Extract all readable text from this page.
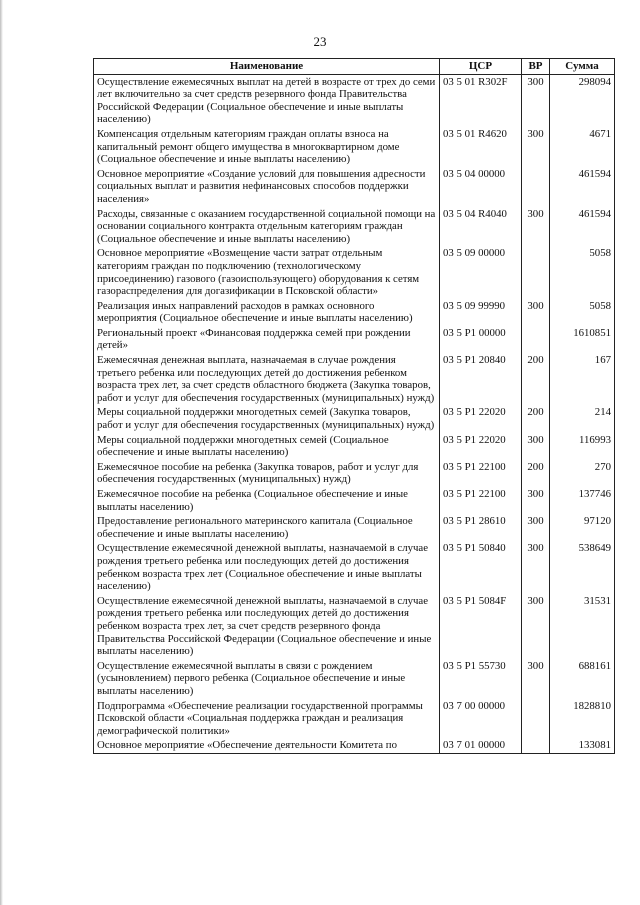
23
Наименование	ЦСР	ВР	Сумма
Осуществление ежемесячных выплат на детей в возрасте от трех до семи лет включительно за счет средств резервного фонда Правительства Российской Федерации (Социальное обеспечение и иные выплаты населению)	03 5 01 R302F	300	298094
Компенсация отдельным категориям граждан оплаты взноса на капитальный ремонт общего имущества в многоквартирном доме (Социальное обеспечение и иные выплаты населению)	03 5 01 R4620	300	4671
Основное мероприятие «Создание условий для повышения адресности социальных выплат и развития нефинансовых способов поддержки населения»	03 5 04 00000		461594
Расходы, связанные с оказанием государственной социальной помощи на основании социального контракта отдельным категориям граждан (Социальное обеспечение и иные выплаты населению)	03 5 04 R4040	300	461594
Основное мероприятие «Возмещение части затрат отдельным категориям граждан по подключению (технологическому присоединению) газового (газоиспользующего) оборудования к сетям газораспределения для догазификации в Псковской области»	03 5 09 00000		5058
Реализация иных направлений расходов в рамках основного мероприятия (Социальное обеспечение и иные выплаты населению)	03 5 09 99990	300	5058
Региональный проект «Финансовая поддержка семей при рождении детей»	03 5 P1 00000		1610851
Ежемесячная денежная выплата, назначаемая в случае рождения третьего ребенка или последующих детей до достижения ребенком возраста трех лет, за счет средств областного бюджета (Закупка товаров, работ и услуг для обеспечения государственных (муниципальных) нужд)	03 5 P1 20840	200	167
Меры социальной поддержки многодетных семей (Закупка товаров, работ и услуг для обеспечения государственных (муниципальных) нужд)	03 5 P1 22020	200	214
Меры социальной поддержки многодетных семей (Социальное обеспечение и иные выплаты населению)	03 5 P1 22020	300	116993
Ежемесячное пособие на ребенка (Закупка товаров, работ и услуг для обеспечения государственных (муниципальных) нужд)	03 5 P1 22100	200	270
Ежемесячное пособие на ребенка (Социальное обеспечение и иные выплаты населению)	03 5 P1 22100	300	137746
Предоставление регионального материнского капитала (Социальное обеспечение и иные выплаты населению)	03 5 P1 28610	300	97120
Осуществление ежемесячной денежной выплаты, назначаемой в случае рождения третьего ребенка или последующих детей до достижения ребенком возраста трех лет (Социальное обеспечение и иные выплаты населению)	03 5 P1 50840	300	538649
Осуществление ежемесячной денежной выплаты, назначаемой в случае рождения третьего ребенка или последующих детей до достижения ребенком возраста трех лет, за счет средств резервного фонда Правительства Российской Федерации (Социальное обеспечение и иные выплаты населению)	03 5 P1 5084F	300	31531
Осуществление ежемесячной выплаты в связи с рождением (усыновлением) первого ребенка (Социальное обеспечение и иные выплаты населению)	03 5 P1 55730	300	688161
Подпрограмма «Обеспечение реализации государственной программы Псковской области «Социальная поддержка граждан и реализация демографической политики»	03 7 00 00000		1828810
Основное мероприятие «Обеспечение деятельности Комитета по	03 7 01 00000		133081
